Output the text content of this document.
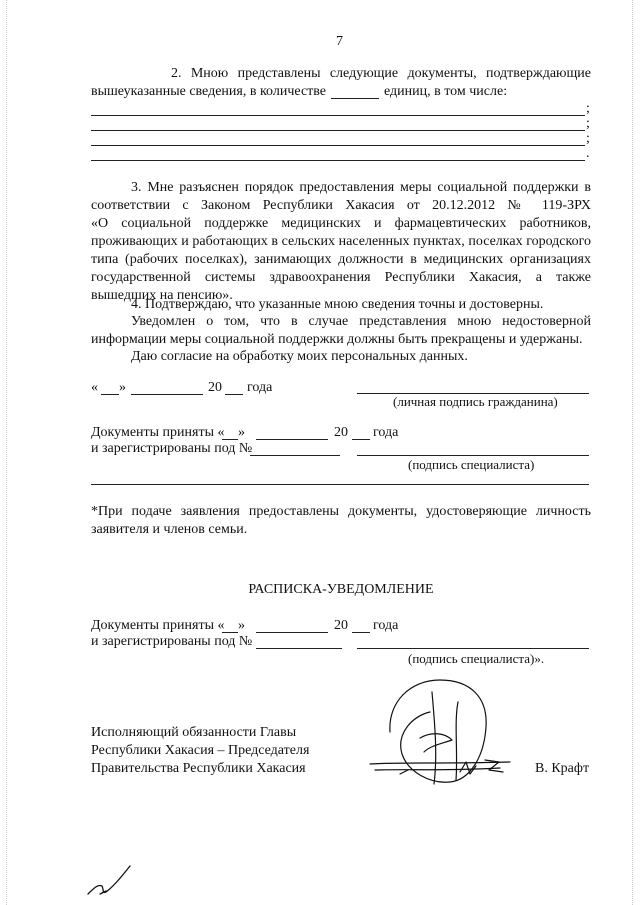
7
2. Мною представлены следующие документы, подтверждающие
вышеуказанные сведения, в количестве	единиц, в том числе:
;
;
;
.
3. Мне разъяснен порядок предоставления меры социальной поддержки в
соответствии с Законом Республики Хакасия от 20.12.2012 № 119-ЗРХ
«О социальной поддержке медицинских и фармацевтических работников,
проживающих и работающих в сельских населенных пунктах, поселках городского
типа (рабочих поселках), занимающих должности в медицинских организациях
государственной системы здравоохранения Республики Хакасия, а также
вышедших на пенсию».
4. Подтверждаю, что указанные мною сведения точны и достоверны.
Уведомлен о том, что в случае представления мною недостоверной
информации меры социальной поддержки должны быть прекращены и удержаны.
Даю согласие на обработку моих персональных данных.
« »	20 года
(личная подпись гражданина)
Документы приняты « »	20 года
и зарегистрированы под №
(подпись специалиста)
*При подаче заявления предоставлены документы, удостоверяющие личность
заявителя и членов семьи.
РАСПИСКА-УВЕДОМЛЕНИЕ
Документы приняты « »	20 года
и зарегистрированы под №
(подпись специалиста)».
Исполняющий обязанности Главы
Республики Хакасия – Председателя
Правительства Республики Хакасия	В. Крафт
